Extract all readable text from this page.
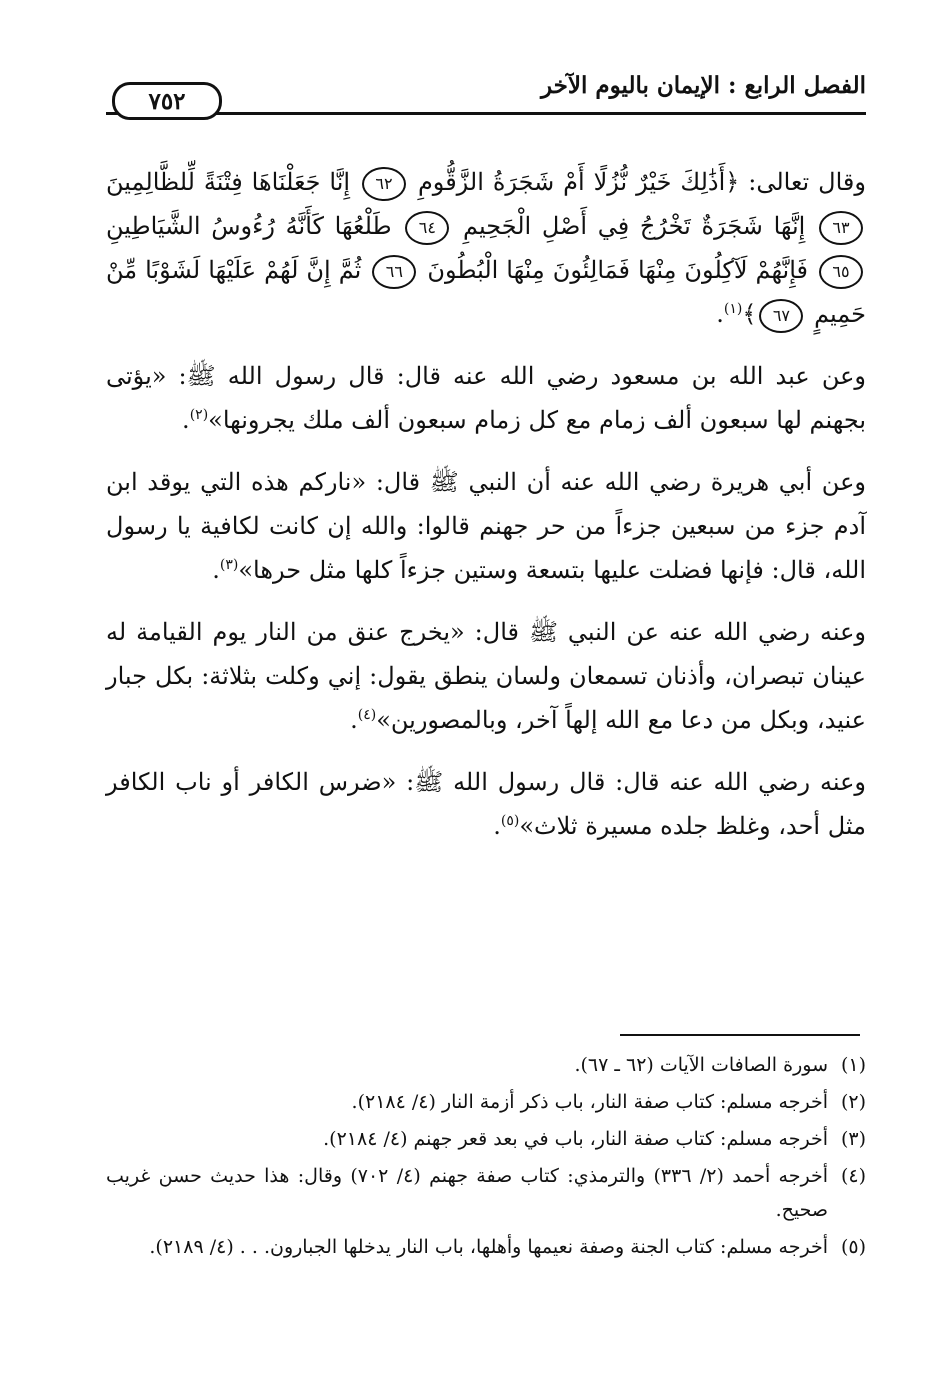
الفصل الرابع : الإيمان باليوم الآخر
٧٥٢

وقال تعالى: ﴿أَذَٰلِكَ خَيْرٌ نُّزُلًا أَمْ شَجَرَةُ الزَّقُّومِ ٦٢ إِنَّا جَعَلْنَاهَا فِتْنَةً لِّلظَّالِمِينَ ٦٣ إِنَّهَا شَجَرَةٌ تَخْرُجُ فِي أَصْلِ الْجَحِيمِ ٦٤ طَلْعُهَا كَأَنَّهُ رُءُوسُ الشَّيَاطِينِ ٦٥ فَإِنَّهُمْ لَآكِلُونَ مِنْهَا فَمَالِئُونَ مِنْهَا الْبُطُونَ ٦٦ ثُمَّ إِنَّ لَهُمْ عَلَيْهَا لَشَوْبًا مِّنْ حَمِيمٍ ٦٧﴾$^{(١)}$.

وعن عبد الله بن مسعود رضي الله عنه قال: قال رسول الله ﷺ: «يؤتى بجهنم لها سبعون ألف زمام مع كل زمام سبعون ألف ملك يجرونها»$^{(٢)}$.

وعن أبي هريرة رضي الله عنه أن النبي ﷺ قال: «ناركم هذه التي يوقد ابن آدم جزء من سبعين جزءاً من حر جهنم قالوا: والله إن كانت لكافية يا رسول الله، قال: فإنها فضلت عليها بتسعة وستين جزءاً كلها مثل حرها»$^{(٣)}$.

وعنه رضي الله عنه عن النبي ﷺ قال: «يخرج عنق من النار يوم القيامة له عينان تبصران، وأذنان تسمعان ولسان ينطق يقول: إني وكلت بثلاثة: بكل جبار عنيد، وبكل من دعا مع الله إلهاً آخر، وبالمصورين»$^{(٤)}$.

وعنه رضي الله عنه قال: قال رسول الله ﷺ: «ضرس الكافر أو ناب الكافر مثل أحد، وغلظ جلده مسيرة ثلاث»$^{(٥)}$.

(١)
سورة الصافات الآيات (٦٢ ـ ٦٧).
(٢)
أخرجه مسلم: كتاب صفة النار، باب ذكر أزمة النار (٤/ ٢١٨٤).
(٣)
أخرجه مسلم: كتاب صفة النار، باب في بعد قعر جهنم (٤/ ٢١٨٤).
(٤)
أخرجه أحمد (٢/ ٣٣٦) والترمذي: كتاب صفة جهنم (٤/ ٧٠٢) وقال: هذا حديث حسن غريب صحيح.
(٥)
أخرجه مسلم: كتاب الجنة وصفة نعيمها وأهلها، باب النار يدخلها الجبارون. . . (٤/ ٢١٨٩).
